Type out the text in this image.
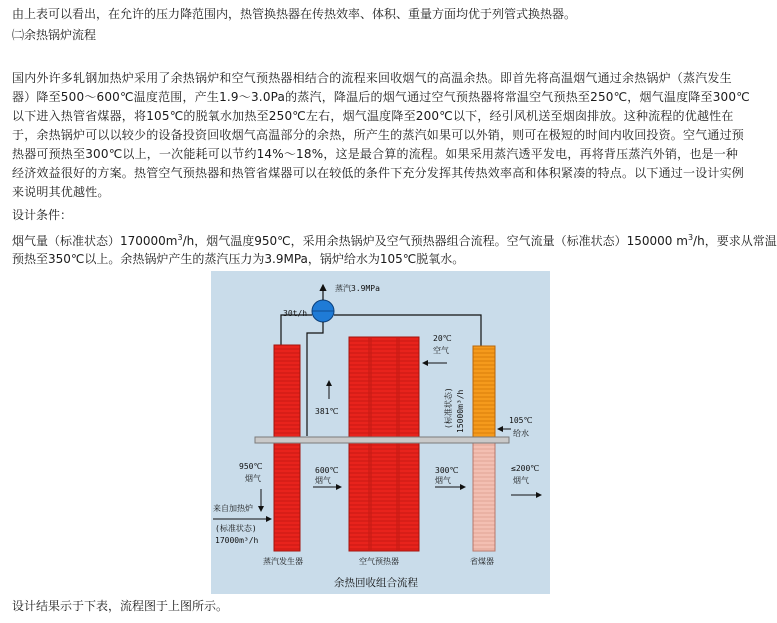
由上表可以看出，在允许的压力降范围内，热管换热器在传热效率、体积、重量方面均优于列管式换热器。
㈡余热锅炉流程
国内外许多轧钢加热炉采用了余热锅炉和空气预热器相结合的流程来回收烟气的高温余热。即首先将高温烟气通过余热锅炉（蒸汽发生器）降至500～600℃温度范围，产生1.9～3.0Pa的蒸汽，降温后的烟气通过空气预热器将常温空气预热至250℃，烟气温度降至300℃以下进入热管省煤器，将105℃的脱氧水加热至250℃左右，烟气温度降至200℃以下，经引风机送至烟囱排放。这种流程的优越性在于，余热锅炉可以以较少的设备投资回收烟气高温部分的余热，所产生的蒸汽如果可以外销，则可在极短的时间内收回投资。空气通过预热器可预热至300℃以上，一次能耗可以节约14%～18%，这是最合算的流程。如果采用蒸汽透平发电，再将背压蒸汽外销，也是一种经济效益很好的方案。热管空气预热器和热管省煤器可以在较低的条件下充分发挥其传热效率高和体积紧凑的特点。以下通过一设计实例来说明其优越性。
设计条件：
烟气量（标准状态）$170000m^3/h$，烟气温度950℃，采用余热锅炉及空气预热器组合流程。空气流量（标准状态）150000 $m^3/h$，要求从常温
预热至350℃以上。余热锅炉产生的蒸汽压力为3.9MPa，锅炉给水为105℃脱氧水。
蒸汽3.9MPa
30t/h
381℃
20℃
空气
(标准状态) 15000m³/h	105℃
给水
950℃
烟气
600℃
烟气
300℃
烟气
≤200℃
烟气
来自加热炉
(标准状态)
17000m³/h
蒸汽发生器	空气预热器	省煤器
余热回收组合流程
设计结果示于下表，流程图于上图所示。
